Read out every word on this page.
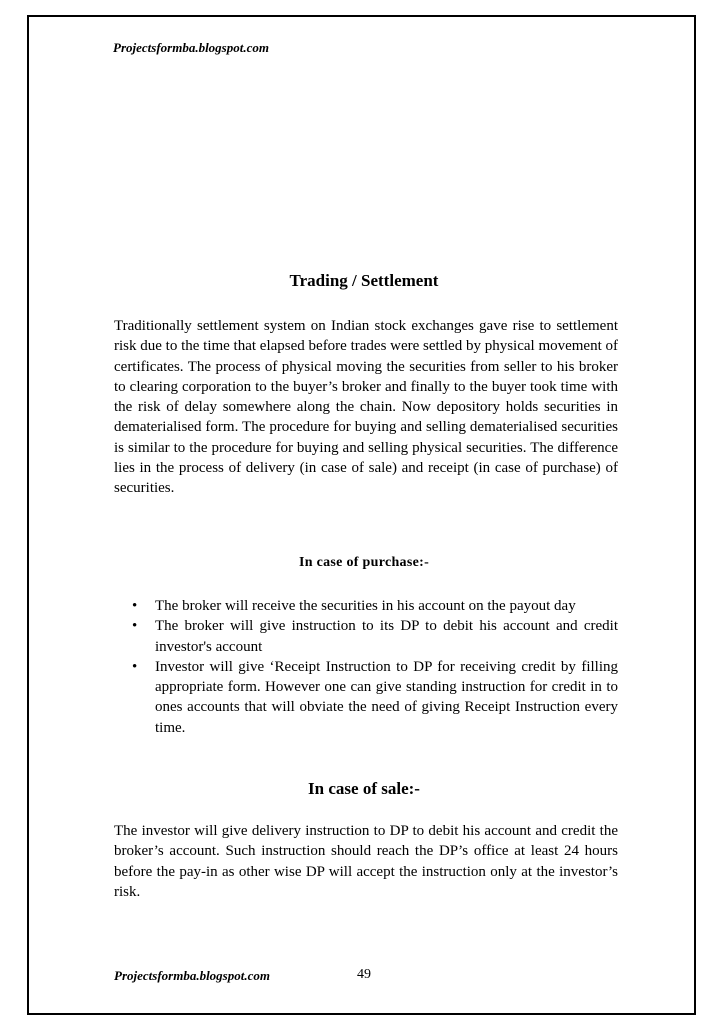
Projectsformba.blogspot.com
Trading / Settlement

Traditionally settlement system on Indian stock exchanges gave rise to settlement risk due to the time that elapsed before trades were settled by physical movement of certificates. The process of physical moving the securities from seller to his broker to clearing corporation to the buyer’s broker and finally to the buyer took time with the risk of delay somewhere along the chain. Now depository holds securities in dematerialised form. The procedure for buying and selling dematerialised securities is similar to the procedure for buying and selling physical securities. The difference lies in the process of delivery (in case of sale) and receipt (in case of purchase) of securities.

In case of purchase:-
• The broker will receive the securities in his account on the payout day
• The broker will give instruction to its DP to debit his account and credit investor's account
• Investor will give ‘Receipt Instruction to DP for receiving credit by filling appropriate form. However one can give standing instruction for credit in to ones accounts that will obviate the need of giving Receipt Instruction every time.
In case of sale:-

The investor will give delivery instruction to DP to debit his account and credit the broker’s account. Such instruction should reach the DP’s office at least 24 hours before the pay-in as other wise DP will accept the instruction only at the investor’s risk.

Projectsformba.blogspot.com	49
